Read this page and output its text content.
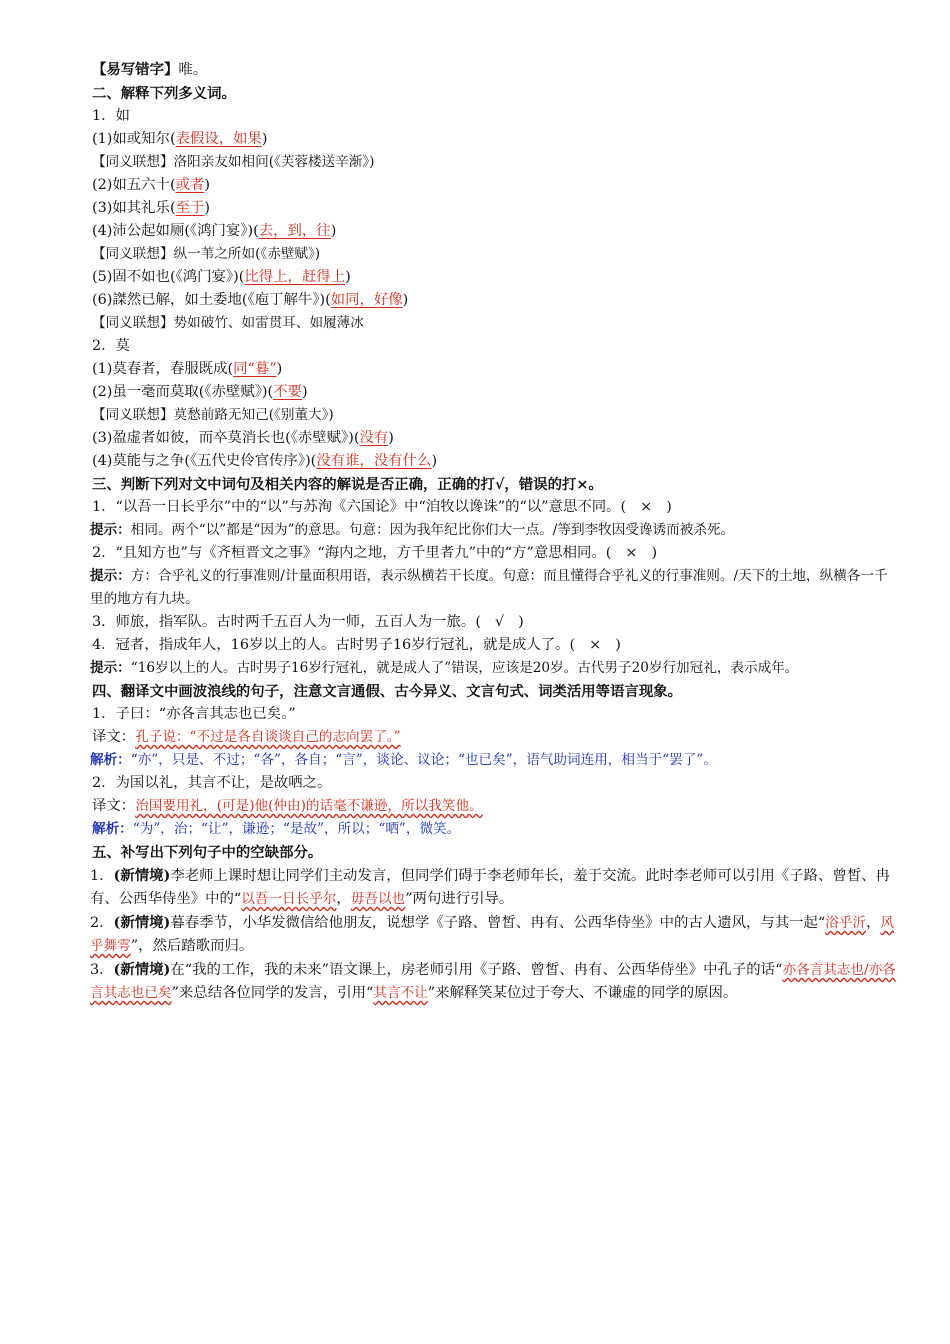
【易写错字】唯。
二、解释下列多义词。
1．如
(1)如或知尔(表假设，如果)
【同义联想】洛阳亲友如相问(《芙蓉楼送辛渐》)
(2)如五六十(或者)
(3)如其礼乐(至于)
(4)沛公起如厕(《鸿门宴》)(去，到，往)
【同义联想】纵一苇之所如(《赤壁赋》)
(5)固不如也(《鸿门宴》)(比得上，赶得上)
(6)謋然已解，如土委地(《庖丁解牛》)(如同，好像)
【同义联想】势如破竹、如雷贯耳、如履薄冰
2．莫
(1)莫春者，春服既成(同“暮”)
(2)虽一毫而莫取(《赤壁赋》)(不要)
【同义联想】莫愁前路无知己(《别董大》)
(3)盈虚者如彼，而卒莫消长也(《赤壁赋》)(没有)
(4)莫能与之争(《五代史伶官传序》)(没有谁，没有什么)
三、判断下列对文中词句及相关内容的解说是否正确，正确的打√，错误的打×。
1．“以吾一日长乎尔”中的“以”与苏洵《六国论》中“洎牧以谗诛”的“以”意思不同。( × )
提示：相同。两个“以”都是“因为”的意思。句意：因为我年纪比你们大一点。/等到李牧因受谗诱而被杀死。
2．“且知方也”与《齐桓晋文之事》“海内之地，方千里者九”中的“方”意思相同。( × )
提示：方：合乎礼义的行事准则/计量面积用语，表示纵横若干长度。句意：而且懂得合乎礼义的行事准则。/天下的土地，纵横各一千里的地方有九块。
3．师旅，指军队。古时两千五百人为一师，五百人为一旅。( √ )
4．冠者，指成年人，16岁以上的人。古时男子16岁行冠礼，就是成人了。( × )
提示：“16岁以上的人。古时男子16岁行冠礼，就是成人了”错误，应该是20岁。古代男子20岁行加冠礼，表示成年。
四、翻译文中画波浪线的句子，注意文言通假、古今异义、文言句式、词类活用等语言现象。
1．子曰：“亦各言其志也已矣。”
译文：孔子说：“不过是各自谈谈自己的志向罢了。”
解析：“亦”，只是、不过；“各”，各自；“言”，谈论、议论；“也已矣”，语气助词连用，相当于“罢了”。
2．为国以礼，其言不让，是故哂之。
译文：治国要用礼，(可是)他(仲由)的话毫不谦逊，所以我笑他。
解析：“为”，治；“让”，谦逊；“是故”，所以；“哂”，微笑。
五、补写出下列句子中的空缺部分。
1．(新情境)李老师上课时想让同学们主动发言，但同学们碍于李老师年长，羞于交流。此时李老师可以引用《子路、曾皙、冉有、公西华侍坐》中的“以吾一日长乎尔，毋吾以也”两句进行引导。
2．(新情境)暮春季节，小华发微信给他朋友，说想学《子路、曾皙、冉有、公西华侍坐》中的古人遗风，与其一起“浴乎沂，风乎舞雩”，然后踏歌而归。
3．(新情境)在“我的工作，我的未来”语文课上，房老师引用《子路、曾皙、冉有、公西华侍坐》中孔子的话“亦各言其志也/亦各言其志也已矣”来总结各位同学的发言，引用“其言不让”来解释笑某位过于夸大、不谦虚的同学的原因。
